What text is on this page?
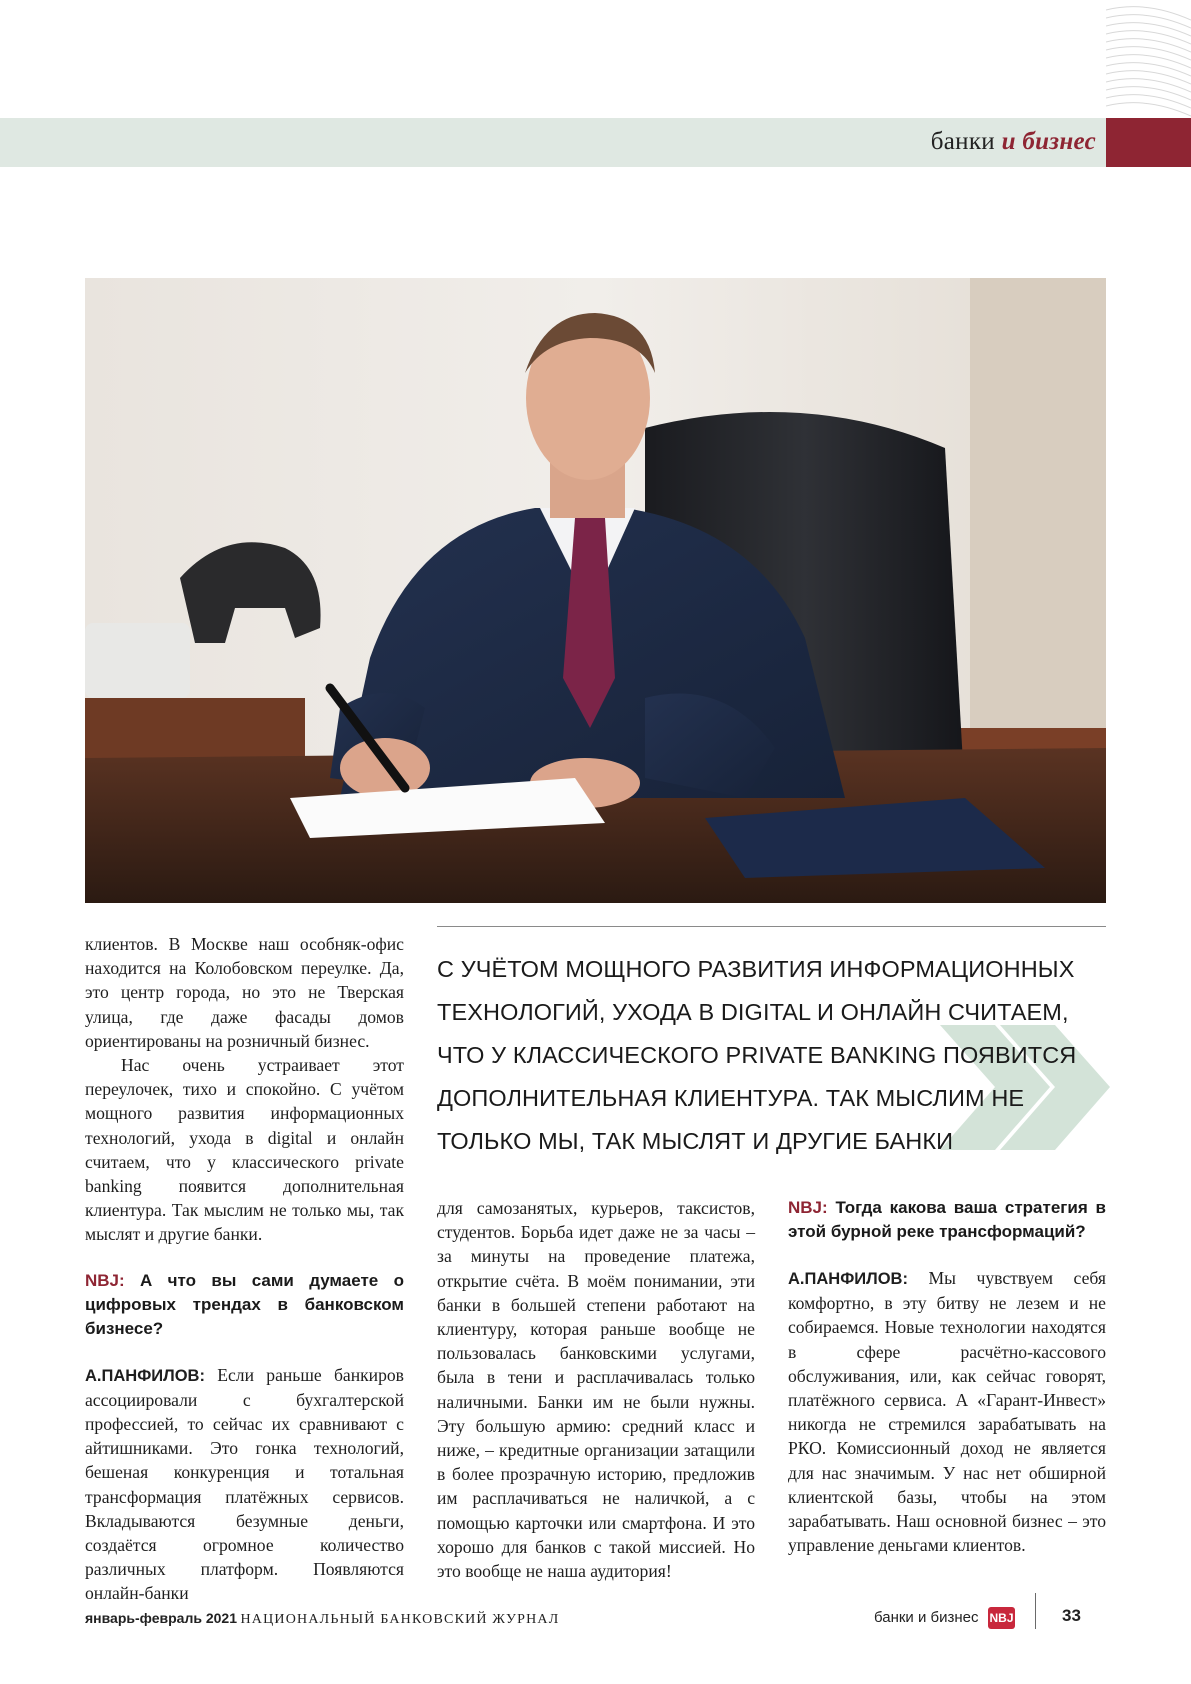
банки и бизнес

клиентов. В Москве наш особняк-офис находится на Колобовском переулке. Да, это центр города, но это не Тверская улица, где даже фасады домов ориентированы на розничный бизнес.

Нас очень устраивает этот переулочек, тихо и спокойно. С учётом мощного развития информационных технологий, ухода в digital и онлайн считаем, что у классического private banking появится дополнительная клиентура. Так мыслим не только мы, так мыслят и другие банки.

NBJ: А что вы сами думаете о цифровых трендах в банковском бизнесе?

А.ПАНФИЛОВ: Если раньше банкиров ассоциировали с бухгалтерской профессией, то сейчас их сравнивают с айтишниками. Это гонка технологий, бешеная конкуренция и тотальная трансформация платёжных сервисов. Вкладываются безумные деньги, создаётся огромное количество различных платформ. Появляются онлайн-банки

С УЧЁТОМ МОЩНОГО РАЗВИТИЯ ИНФОРМАЦИОННЫХ ТЕХНОЛОГИЙ, УХОДА В DIGITAL И ОНЛАЙН СЧИТАЕМ, ЧТО У КЛАССИЧЕСКОГО PRIVATE BANKING ПОЯВИТСЯ ДОПОЛНИТЕЛЬНАЯ КЛИЕНТУРА. ТАК МЫСЛИМ НЕ ТОЛЬКО МЫ, ТАК МЫСЛЯТ И ДРУГИЕ БАНКИ

для самозанятых, курьеров, таксистов, студентов. Борьба идет даже не за часы – за минуты на проведение платежа, открытие счёта. В моём понимании, эти банки в большей степени работают на клиентуру, которая раньше вообще не пользовалась банковскими услугами, была в тени и расплачивалась только наличными. Банки им не были нужны. Эту большую армию: средний класс и ниже, – кредитные организации затащили в более прозрачную историю, предложив им расплачиваться не наличкой, а с помощью карточки или смартфона. И это хорошо для банков с такой миссией. Но это вообще не наша аудитория!

NBJ: Тогда какова ваша стратегия в этой бурной реке трансформаций?

А.ПАНФИЛОВ: Мы чувствуем себя комфортно, в эту битву не лезем и не собираемся. Новые технологии находятся в сфере расчётно-кассового обслуживания, или, как сейчас говорят, платёжного сервиса. А «Гарант-Инвест» никогда не стремился зарабатывать на РКО. Комиссионный доход не является для нас значимым. У нас нет обширной клиентской базы, чтобы на этом зарабатывать. Наш основной бизнес – это управление деньгами клиентов.

январь-февраль 2021 НАЦИОНАЛЬНЫЙ БАНКОВСКИЙ ЖУРНАЛ	банки и бизнес NBJ	33
